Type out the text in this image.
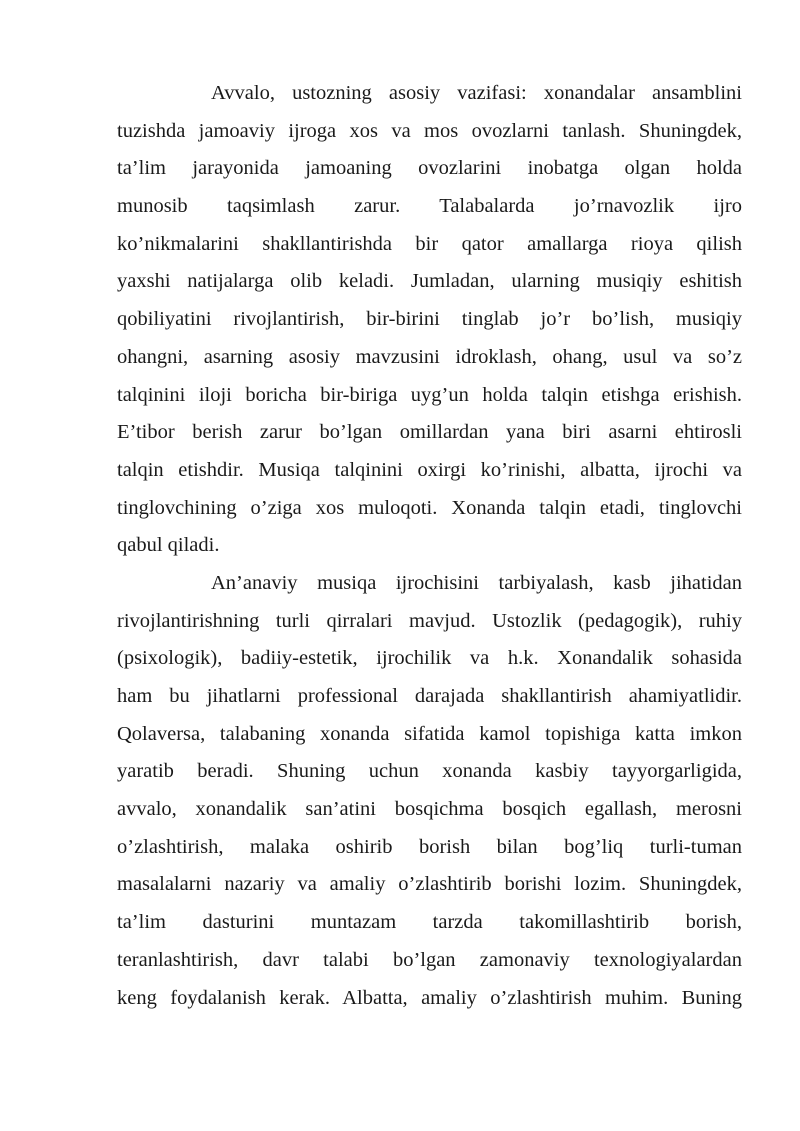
Avvalo, ustozning asosiy vazifasi: xonandalar ansamblini
tuzishda jamoaviy ijroga xos va mos ovozlarni tanlash. Shuningdek,
ta’lim jarayonida jamoaning ovozlarini inobatga olgan holda
munosib taqsimlash zarur. Talabalarda jo’rnavozlik ijro
ko’nikmalarini shakllantirishda bir qator amallarga rioya qilish
yaxshi natijalarga olib keladi. Jumladan, ularning musiqiy eshitish
qobiliyatini rivojlantirish, bir-birini tinglab jo’r bo’lish, musiqiy
ohangni, asarning asosiy mavzusini idroklash, ohang, usul va so’z
talqinini iloji boricha bir-biriga uyg’un holda talqin etishga erishish.
E’tibor berish zarur bo’lgan omillardan yana biri asarni ehtirosli
talqin etishdir. Musiqa talqinini oxirgi ko’rinishi, albatta, ijrochi va
tinglovchining o’ziga xos muloqoti. Xonanda talqin etadi, tinglovchi
qabul qiladi.
An’anaviy musiqa ijrochisini tarbiyalash, kasb jihatidan
rivojlantirishning turli qirralari mavjud. Ustozlik (pedagogik), ruhiy
(psixologik), badiiy-estetik, ijrochilik va h.k. Xonandalik sohasida
ham bu jihatlarni professional darajada shakllantirish ahamiyatlidir.
Qolaversa, talabaning xonanda sifatida kamol topishiga katta imkon
yaratib beradi. Shuning uchun xonanda kasbiy tayyorgarligida,
avvalo, xonandalik san’atini bosqichma bosqich egallash, merosni
o’zlashtirish, malaka oshirib borish bilan bog’liq turli-tuman
masalalarni nazariy va amaliy o’zlashtirib borishi lozim. Shuningdek,
ta’lim dasturini muntazam tarzda takomillashtirib borish,
teranlashtirish, davr talabi bo’lgan zamonaviy texnologiyalardan
keng foydalanish kerak. Albatta, amaliy o’zlashtirish muhim. Buning
